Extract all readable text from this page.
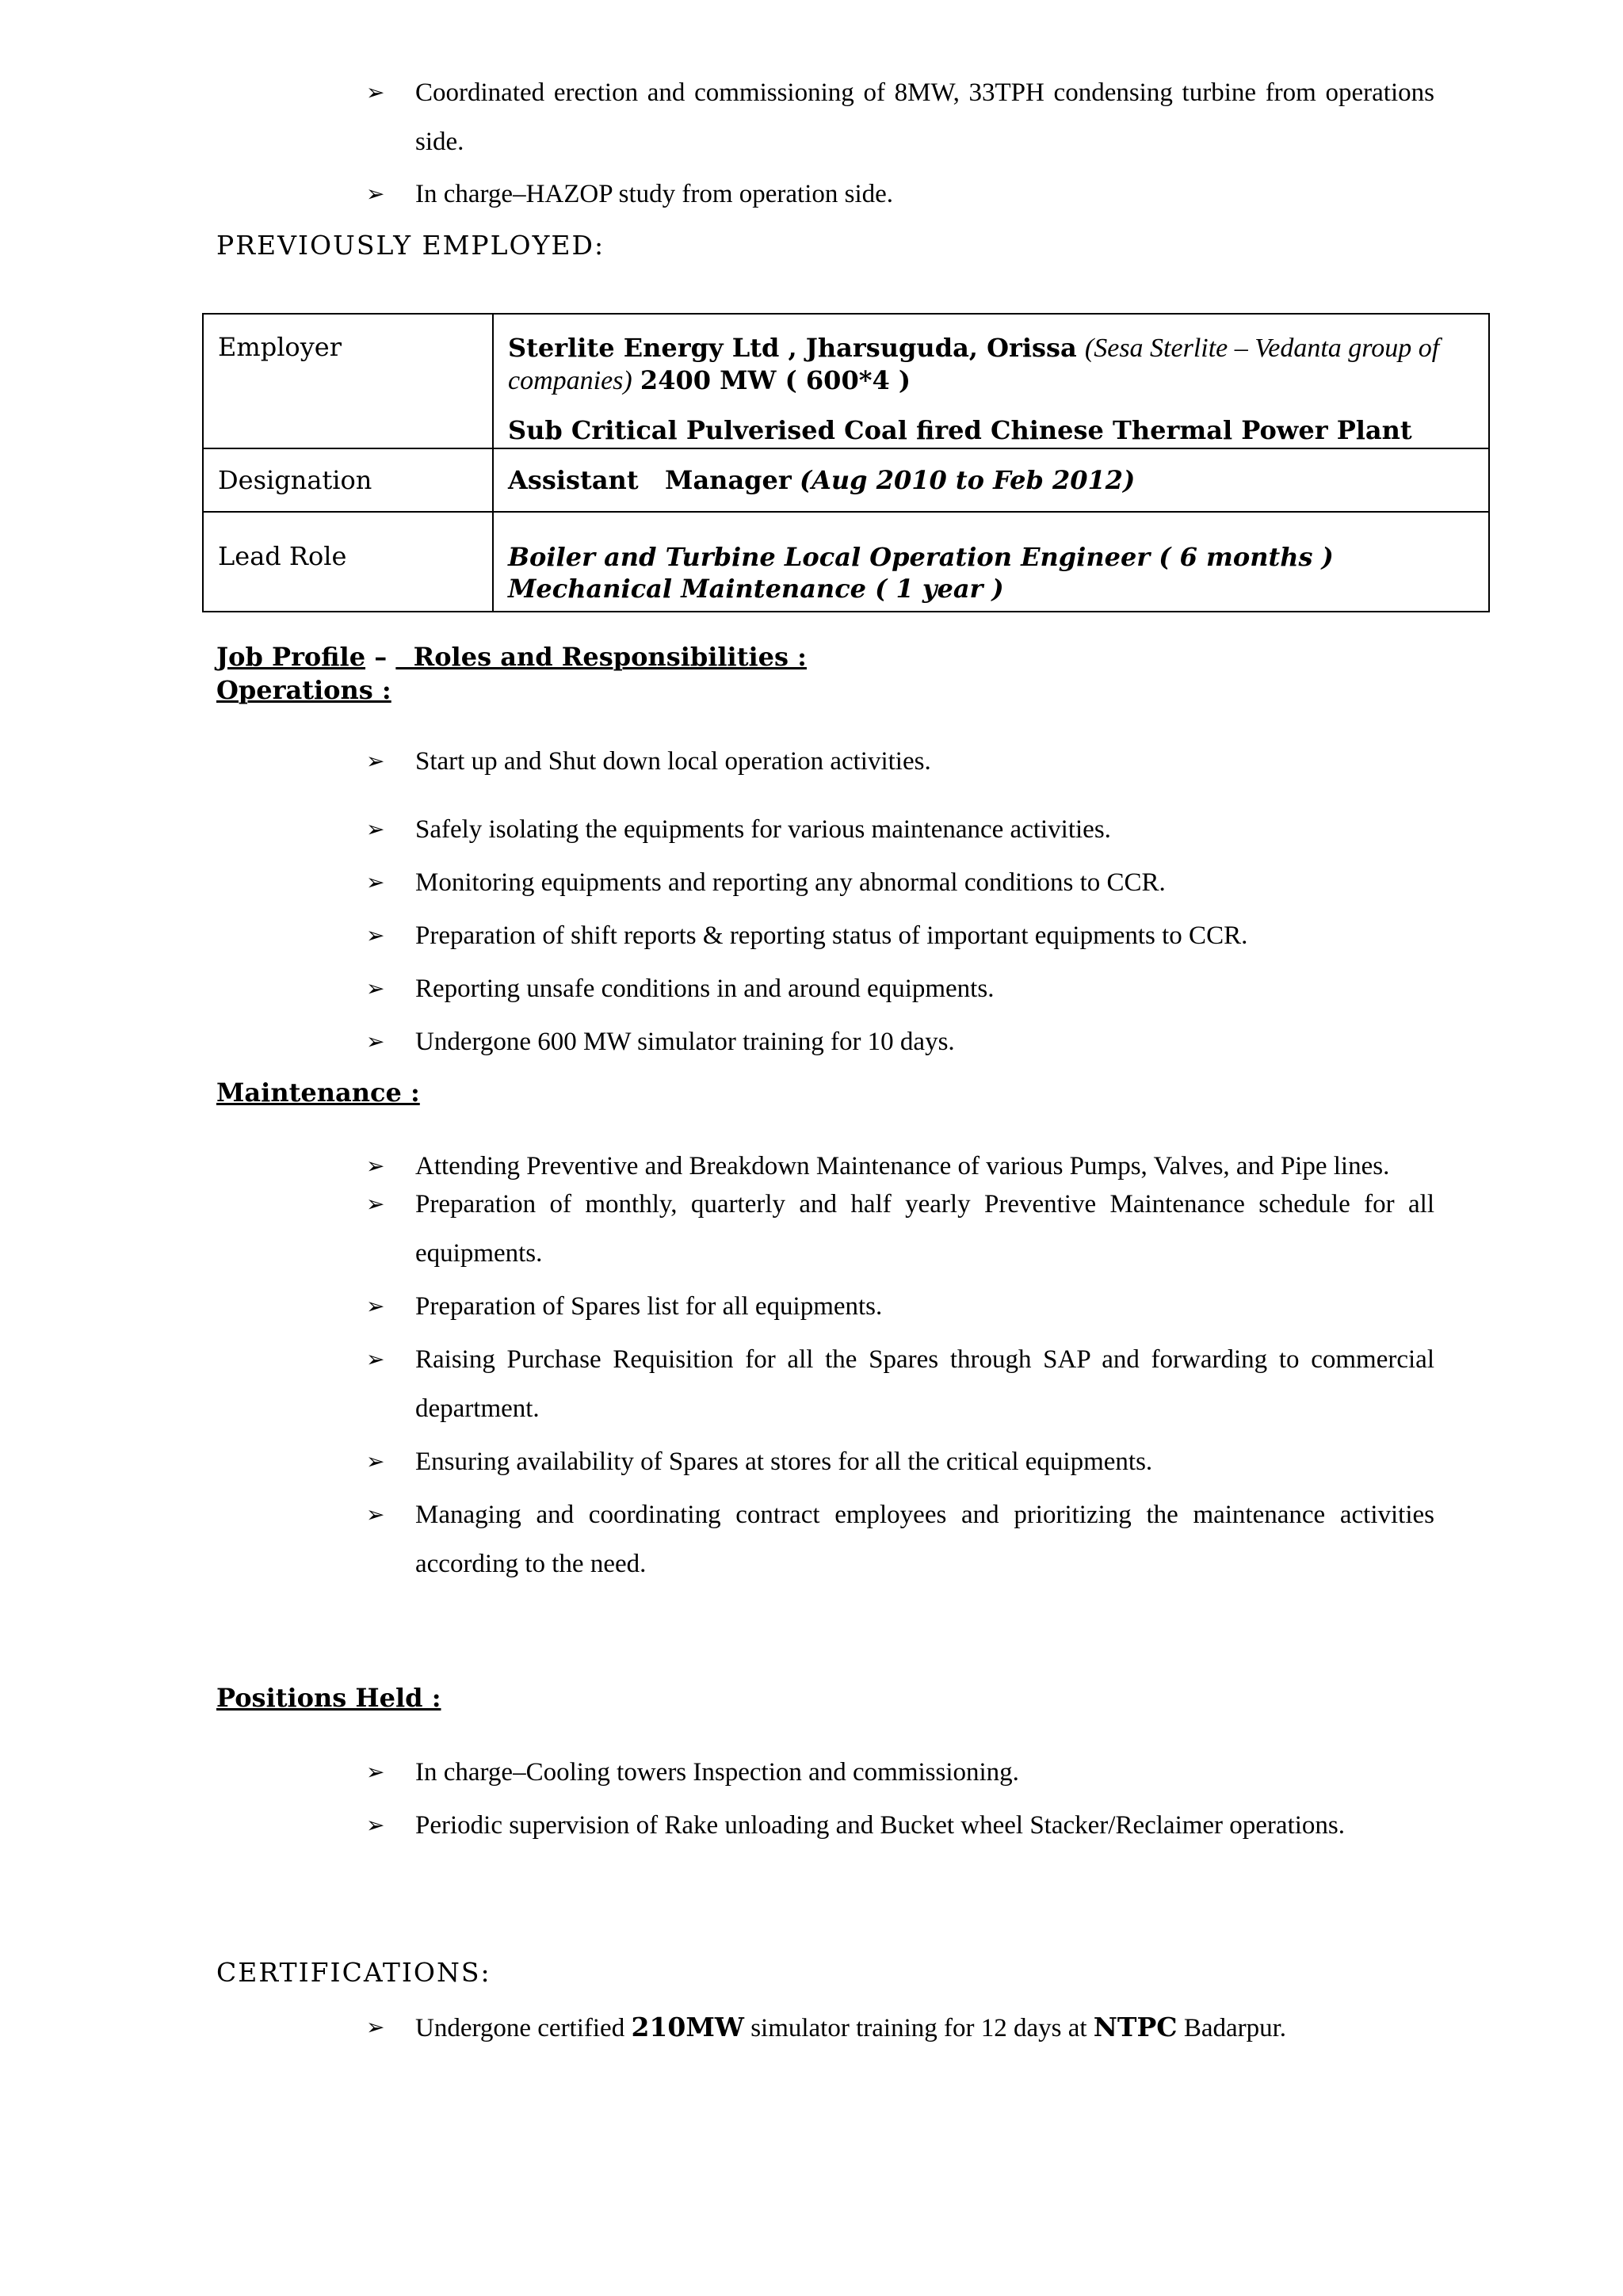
➢ Coordinated erection and commissioning of 8MW, 33TPH condensing turbine from operations side.
➢ In charge–HAZOP study from operation side.
PREVIOUSLY EMPLOYED:
Employer	Sterlite Energy Ltd , Jharsuguda, Orissa (Sesa Sterlite – Vedanta group of companies) 2400 MW ( 600*4 )
Sub Critical Pulverised Coal fired Chinese Thermal Power Plant

Designation	Assistant   Manager (Aug 2010 to Feb 2012)

Lead Role	Boiler and Turbine Local Operation Engineer ( 6 months )
Mechanical Maintenance ( 1 year )
Job Profile –   Roles and Responsibilities :
Operations :
➢ Start up and Shut down local operation activities.
➢ Safely isolating the equipments for various maintenance activities.
➢ Monitoring equipments and reporting any abnormal conditions to CCR.
➢ Preparation of shift reports & reporting status of important equipments to CCR.
➢ Reporting unsafe conditions in and around equipments.
➢ Undergone 600 MW simulator training for 10 days.
Maintenance :
➢ Attending Preventive and Breakdown Maintenance of various Pumps, Valves, and Pipe lines.
➢ Preparation of monthly, quarterly and half yearly Preventive Maintenance schedule for all equipments.
➢ Preparation of Spares list for all equipments.
➢ Raising Purchase Requisition for all the Spares through SAP and forwarding to commercial department.
➢ Ensuring availability of Spares at stores for all the critical equipments.
➢ Managing and coordinating contract employees and prioritizing the maintenance activities according to the need.
Positions Held :
➢ In charge–Cooling towers Inspection and commissioning.
➢ Periodic supervision of Rake unloading and Bucket wheel Stacker/Reclaimer operations.
CERTIFICATIONS:
➢ Undergone certified 210MW simulator training for 12 days at NTPC Badarpur.
